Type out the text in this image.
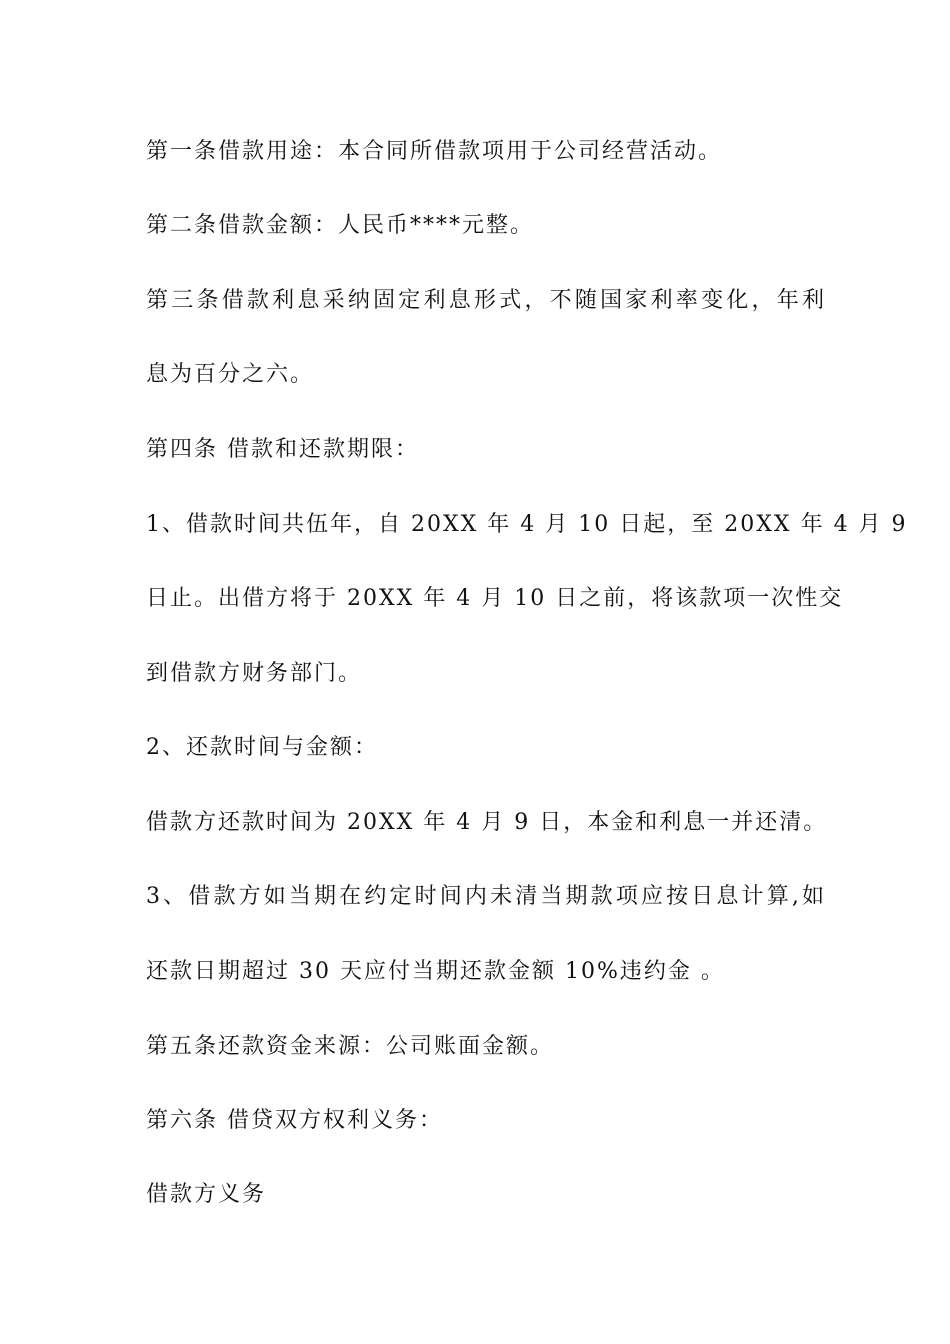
第一条借款用途：本合同所借款项用于公司经营活动。
第二条借款金额：人民币****元整。
第三条借款利息采纳固定利息形式，不随国家利率变化，年利
息为百分之六。
第四条 借款和还款期限：
1、借款时间共伍年，自 20XX 年 4 月 10 日起，至 20XX 年 4 月 9
日止。出借方将于 20XX 年 4 月 10 日之前，将该款项一次性交
到借款方财务部门。
2、还款时间与金额：
借款方还款时间为 20XX 年 4 月 9 日，本金和利息一并还清。
3、借款方如当期在约定时间内未清当期款项应按日息计算,如
还款日期超过 30 天应付当期还款金额 10%违约金 。
第五条还款资金来源：公司账面金额。
第六条 借贷双方权利义务：
借款方义务
